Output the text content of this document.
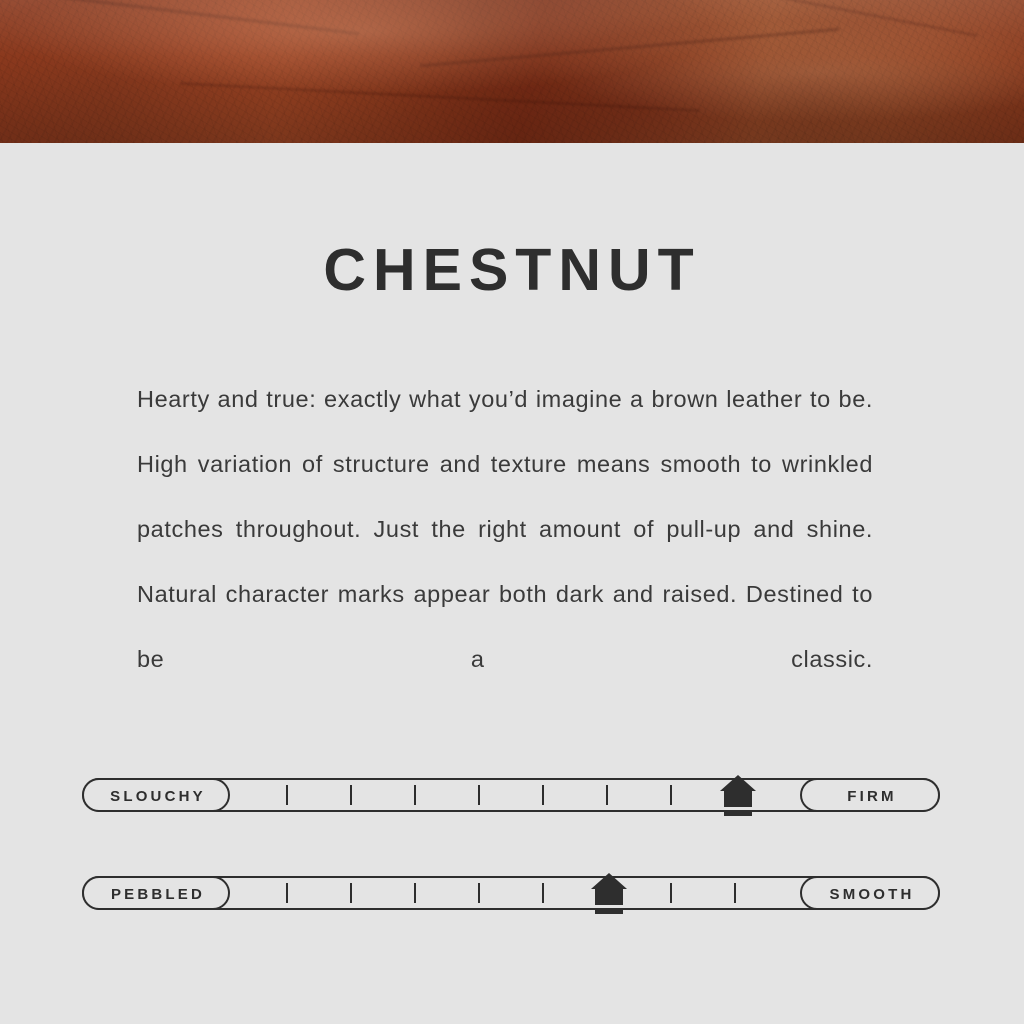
CHESTNUT

Hearty and true: exactly what you’d imagine a brown leather to be. High variation of structure and texture means smooth to wrinkled patches throughout. Just the right amount of pull-up and shine. Natural character marks appear both dark and raised. Destined to be a classic.

SLOUCHY	FIRM
PEBBLED	SMOOTH
